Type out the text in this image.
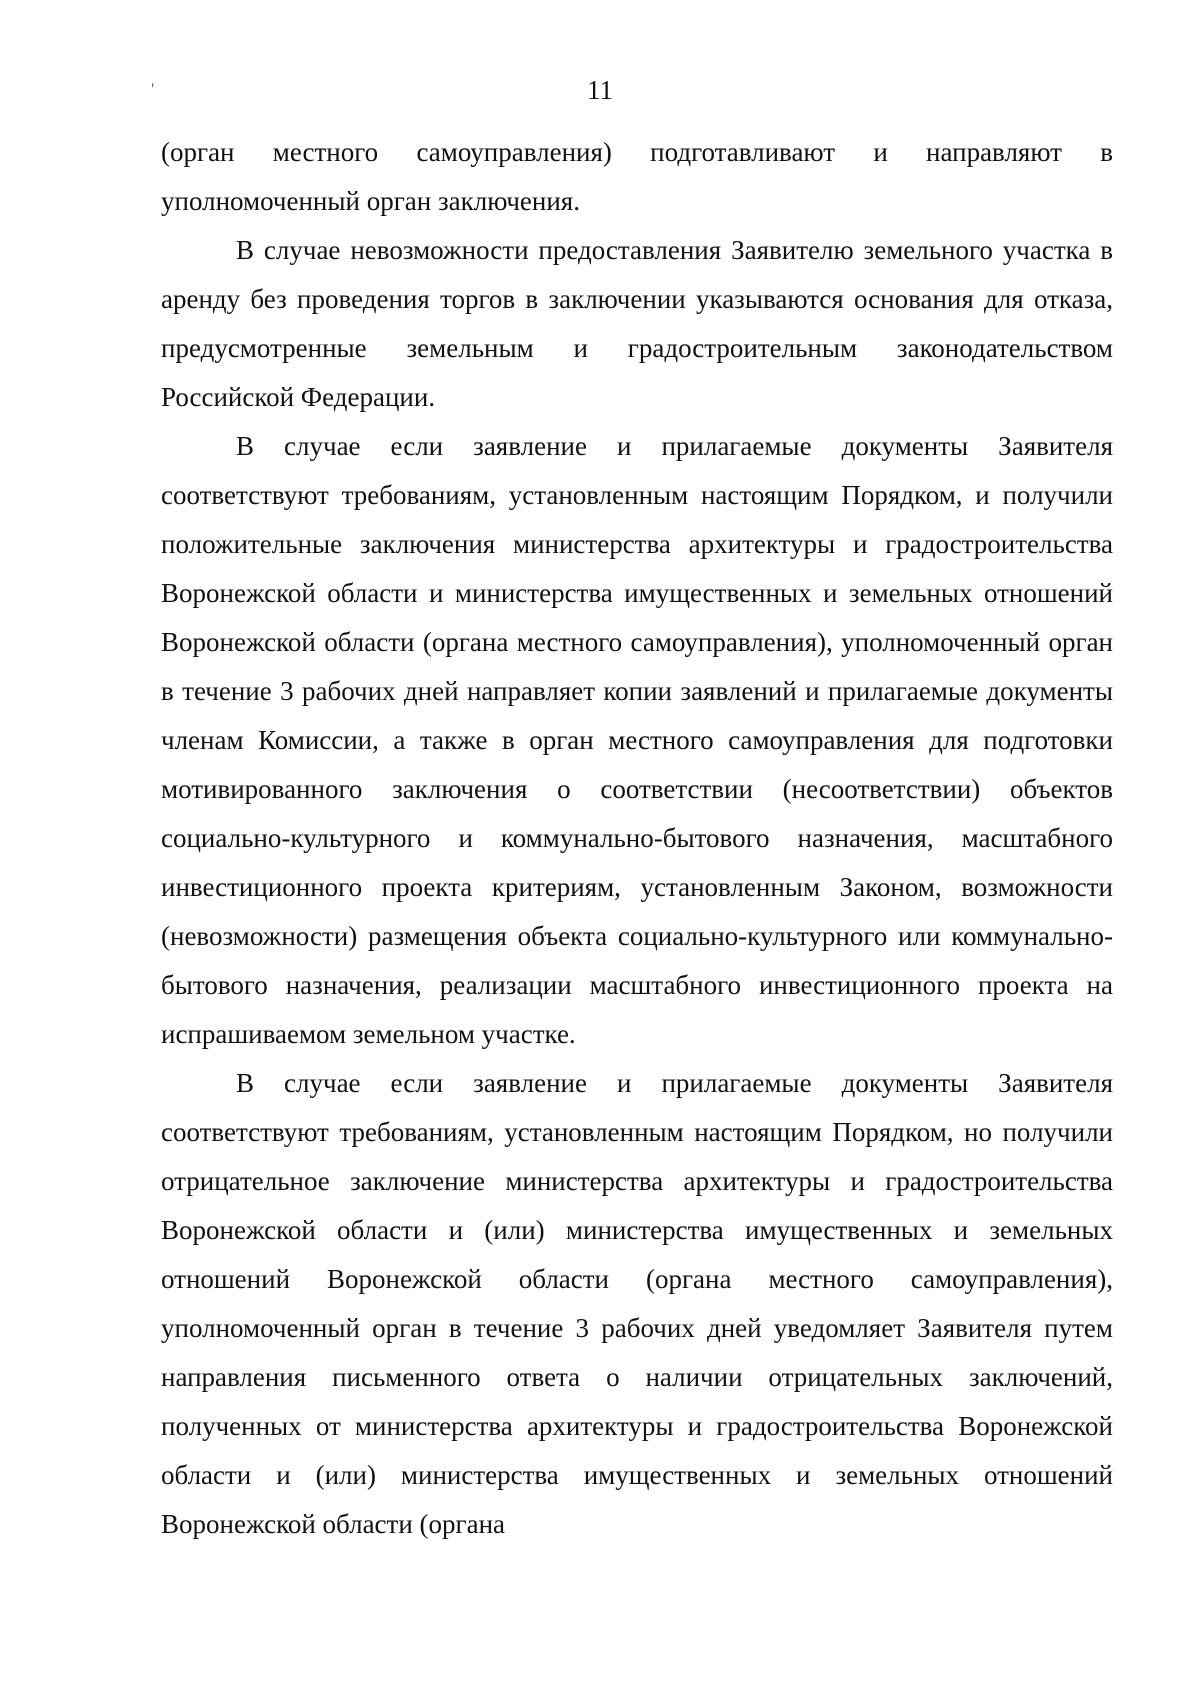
'	11

(орган местного самоуправления) подготавливают и направляют в уполномоченный орган заключения.

В случае невозможности предоставления Заявителю земельного участка в аренду без проведения торгов в заключении указываются основания для отказа, предусмотренные земельным и градостроительным законодательством Российской Федерации.

В случае если заявление и прилагаемые документы Заявителя соответствуют требованиям, установленным настоящим Порядком, и получили положительные заключения министерства архитектуры и градостроительства Воронежской области и министерства имущественных и земельных отношений Воронежской области (органа местного самоуправления), уполномоченный орган в течение 3 рабочих дней направляет копии заявлений и прилагаемые документы членам Комиссии, а также в орган местного самоуправления для подготовки мотивированного заключения о соответствии (несоответствии) объектов социально-культурного и коммунально-бытового назначения, масштабного инвестиционного проекта критериям, установленным Законом, возможности (невозможности) размещения объекта социально-культурного или коммунально-бытового назначения, реализации масштабного инвестиционного проекта на испрашиваемом земельном участке.

В случае если заявление и прилагаемые документы Заявителя соответствуют требованиям, установленным настоящим Порядком, но получили отрицательное заключение министерства архитектуры и градостроительства Воронежской области и (или) министерства имущественных и земельных отношений Воронежской области (органа местного самоуправления), уполномоченный орган в течение 3 рабочих дней уведомляет Заявителя путем направления письменного ответа о наличии отрицательных заключений, полученных от министерства архитектуры и градостроительства Воронежской области и (или) министерства имущественных и земельных отношений Воронежской области (органа
